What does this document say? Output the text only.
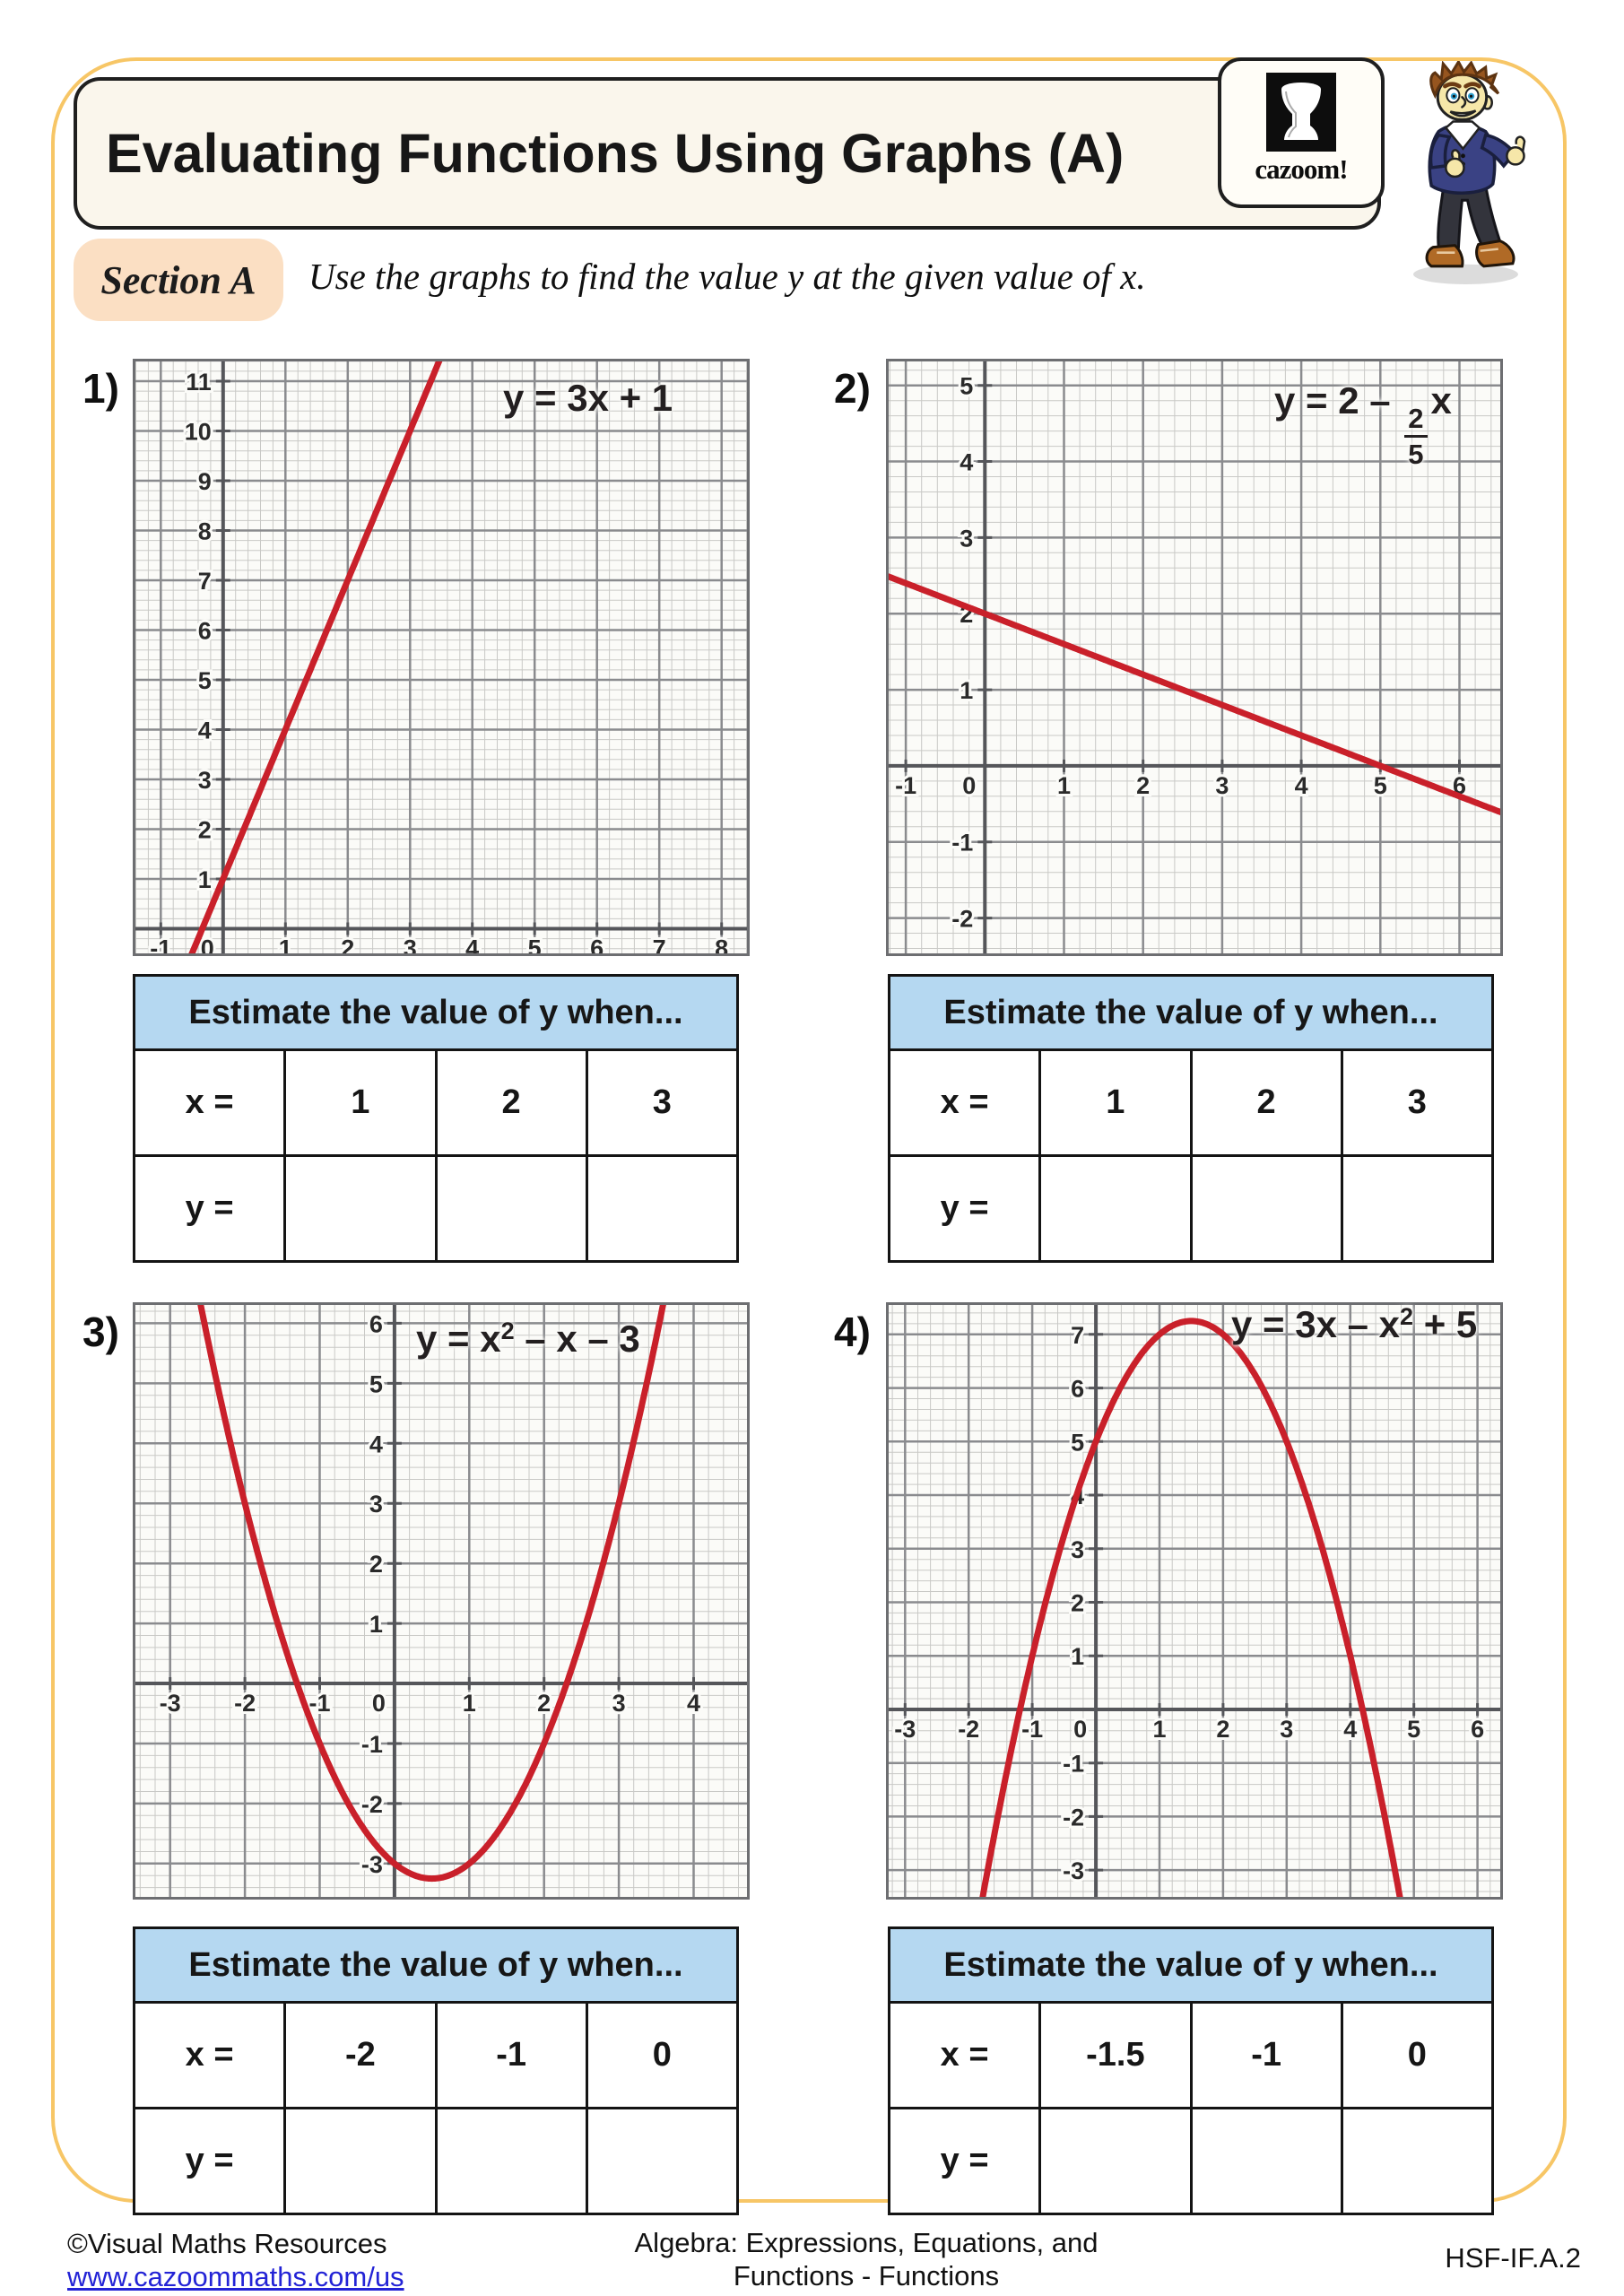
Evaluating Functions Using Graphs (A)	cazoom!
Section A Use the graphs to find the value y at the given value of x.
1)	2)
3)	4)
-1 0	1 2 3 4 5 6 7 8
1
2
3
4
5
6
7
8
9
10
11	y = 3x + 1
-1 0	1	2	3	4	5	6
-2
-1
1
2
3
4
5	y = 2 –
$\frac{2}{5}$
x
-3 -2 -1 0	1	2	3	4
-3
-2
-1
1
2
3
4
5
6 $y = x^2 - x - 3$
-3 -2 -1 0	1 2 3 4 5 6
-3
-2
-1
1
2
3
4
5
6
7	$y = 3x - x^2 + 5$
Estimate the value of y when...			
x =	1	2	3
y =			
Estimate the value of y when...			
x =	1	2	3
y =			
Estimate the value of y when...			
x =	-2	-1	0
y =			
Estimate the value of y when...			
x =	-1.5	-1	0
y =			
©Visual Maths Resources
www.cazoommaths.com/us
Algebra: Expressions, Equations, and
Functions - Functions
HSF-IF.A.2
